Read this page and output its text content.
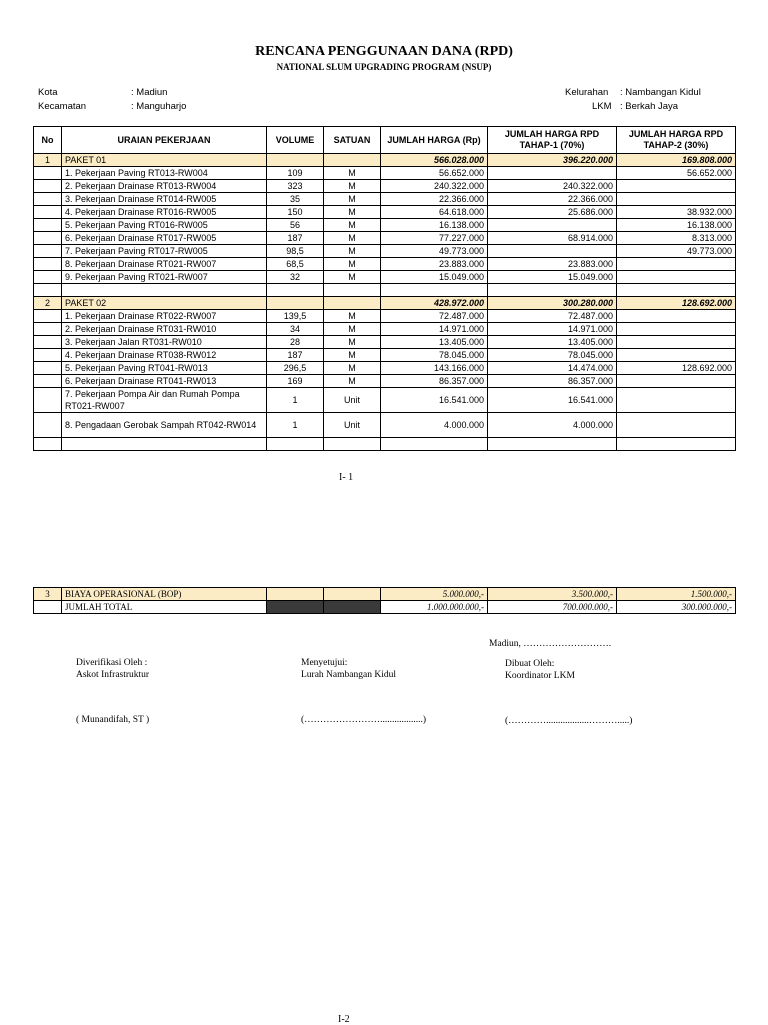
RENCANA PENGGUNAAN DANA (RPD)
NATIONAL SLUM UPGRADING PROGRAM (NSUP)
Kota	: Madiun
Kecamatan	: Manguharjo
Kelurahan : Nambangan Kidul
LKM : Berkah Jaya
No	URAIAN PEKERJAAN	VOLUME	SATUAN	JUMLAH HARGA (Rp)	JUMLAH HARGA RPD TAHAP-1 (70%)	JUMLAH HARGA RPD TAHAP-2 (30%)
1	PAKET 01			566.028.000	396.220.000	169.808.000
	1. Pekerjaan Paving RT013-RW004	109	M	56.652.000		56.652.000
	2. Pekerjaan Drainase RT013-RW004	323	M	240.322.000	240.322.000	
	3. Pekerjaan Drainase RT014-RW005	35	M	22.366.000	22.366.000	
	4. Pekerjaan Drainase RT016-RW005	150	M	64.618.000	25.686.000	38.932.000
	5. Pekerjaan Paving RT016-RW005	56	M	16.138.000		16.138.000
	6. Pekerjaan Drainase RT017-RW005	187	M	77.227.000	68.914.000	8.313.000
	7. Pekerjaan Paving RT017-RW005	98,5	M	49.773.000		49.773.000
	8. Pekerjaan Drainase RT021-RW007	68,5	M	23.883.000	23.883.000	
	9. Pekerjaan Paving RT021-RW007	32	M	15.049.000	15.049.000	

2	PAKET 02			428.972.000	300.280.000	128.692.000
	1. Pekerjaan Drainase RT022-RW007	139,5	M	72.487.000	72.487.000	
	2. Pekerjaan Drainase RT031-RW010	34	M	14.971.000	14.971.000	
	3. Pekerjaan Jalan RT031-RW010	28	M	13.405.000	13.405.000	
	4. Pekerjaan Drainase RT038-RW012	187	M	78.045.000	78.045.000	
	5. Pekerjaan Paving RT041-RW013	296,5	M	143.166.000	14.474.000	128.692.000
	6. Pekerjaan Drainase RT041-RW013	169	M	86.357.000	86.357.000	
	7. Pekerjaan Pompa Air dan Rumah Pompa RT021-RW007	1	Unit	16.541.000	16.541.000	
	8. Pengadaan Gerobak Sampah RT042-RW014	1	Unit	4.000.000	4.000.000	

I- 1
3	BIAYA OPERASIONAL (BOP)			5.000.000,-	3.500.000,-	1.500.000,-
	JUMLAH TOTAL			1.000.000.000,-	700.000.000,-	300.000.000,-
Madiun, ……………………….
Diverifikasi Oleh :
Askot Infrastruktur
( Munandifah, ST )
Menyetujui:
Lurah Nambangan Kidul
(……………………..................)
Dibuat Oleh:
Koordinator LKM
(…………..................……….....)
I-2
